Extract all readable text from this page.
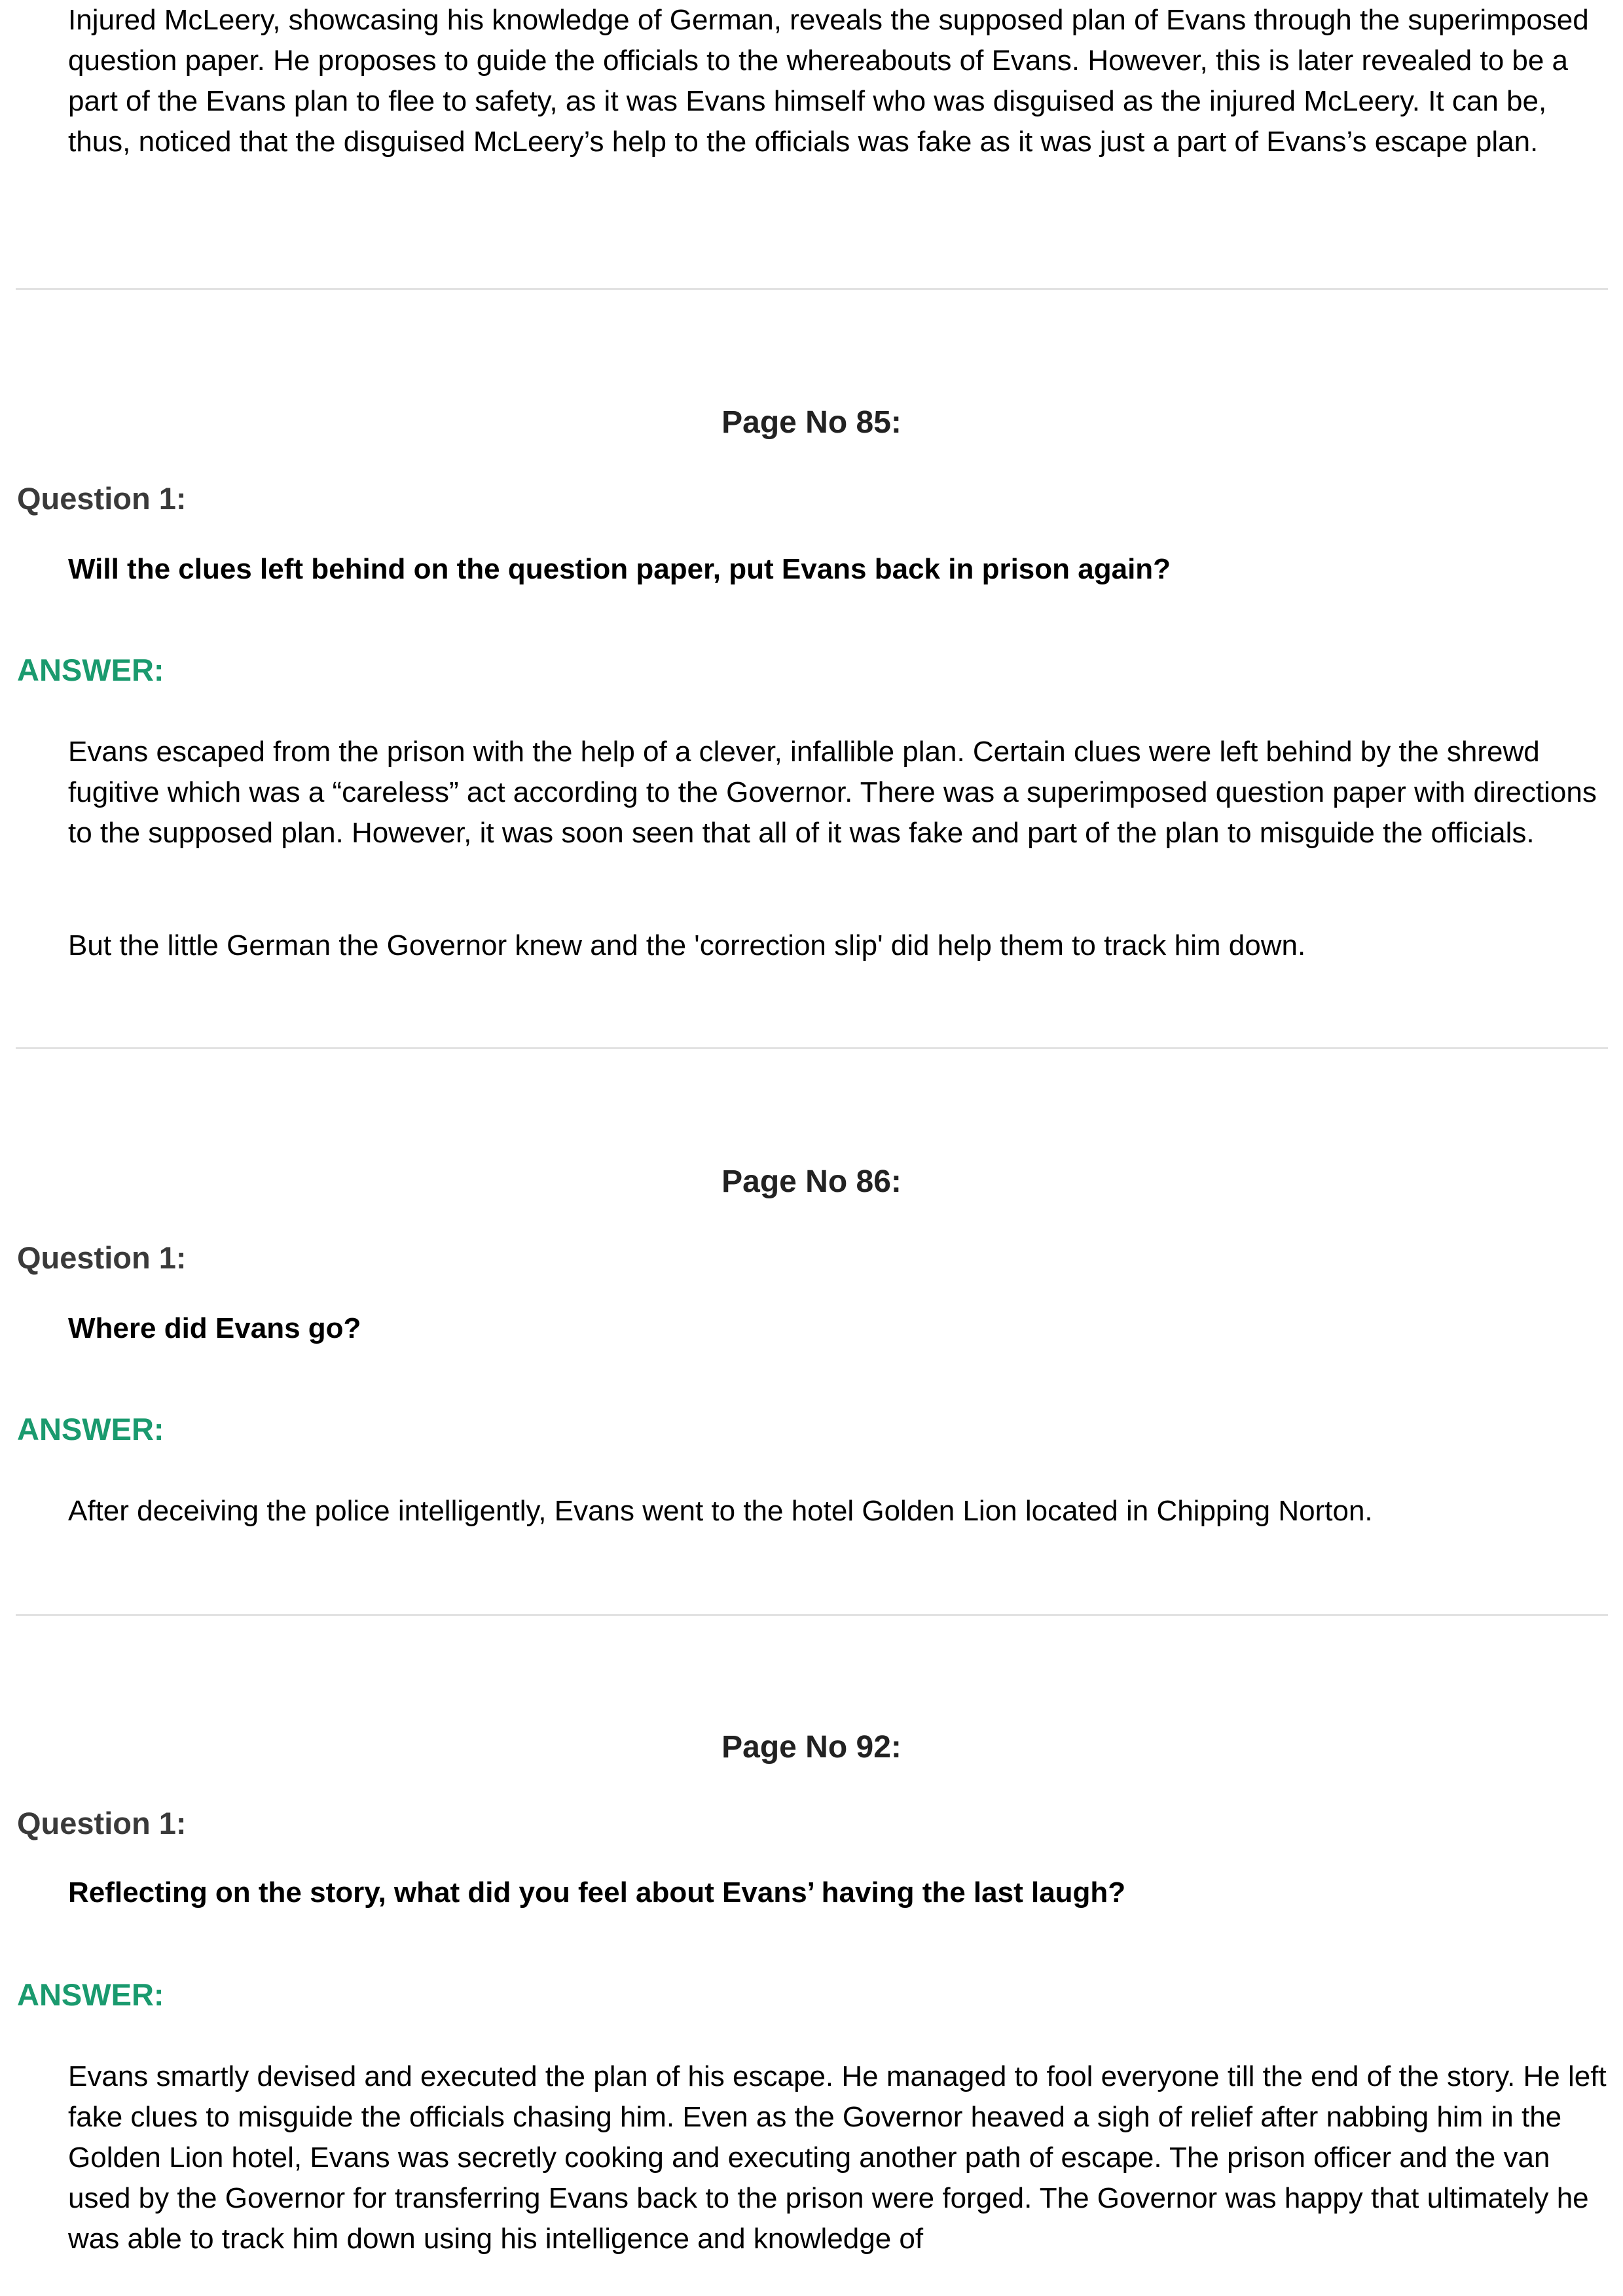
Injured McLeery, showcasing his knowledge of German, reveals the supposed plan of Evans through the superimposed question paper. He proposes to guide the officials to the whereabouts of Evans. However, this is later revealed to be a part of the Evans plan to flee to safety, as it was Evans himself who was disguised as the injured McLeery. It can be, thus, noticed that the disguised McLeery’s help to the officials was fake as it was just a part of Evans’s escape plan.

Page No 85:

Question 1:

Will the clues left behind on the question paper, put Evans back in prison again?

ANSWER:

Evans escaped from the prison with the help of a clever, infallible plan. Certain clues were left behind by the shrewd fugitive which was a “careless” act according to the Governor. There was a superimposed question paper with directions to the supposed plan. However, it was soon seen that all of it was fake and part of the plan to misguide the officials.

But the little German the Governor knew and the 'correction slip' did help them to track him down.

Page No 86:

Question 1:

Where did Evans go?

ANSWER:

After deceiving the police intelligently, Evans went to the hotel Golden Lion located in Chipping Norton.

Page No 92:

Question 1:

Reflecting on the story, what did you feel about Evans’ having the last laugh?

ANSWER:

Evans smartly devised and executed the plan of his escape. He managed to fool everyone till the end of the story. He left fake clues to misguide the officials chasing him. Even as the Governor heaved a sigh of relief after nabbing him in the Golden Lion hotel, Evans was secretly cooking and executing another path of escape. The prison officer and the van used by the Governor for transferring Evans back to the prison were forged. The Governor was happy that ultimately he was able to track him down using his intelligence and knowledge of
